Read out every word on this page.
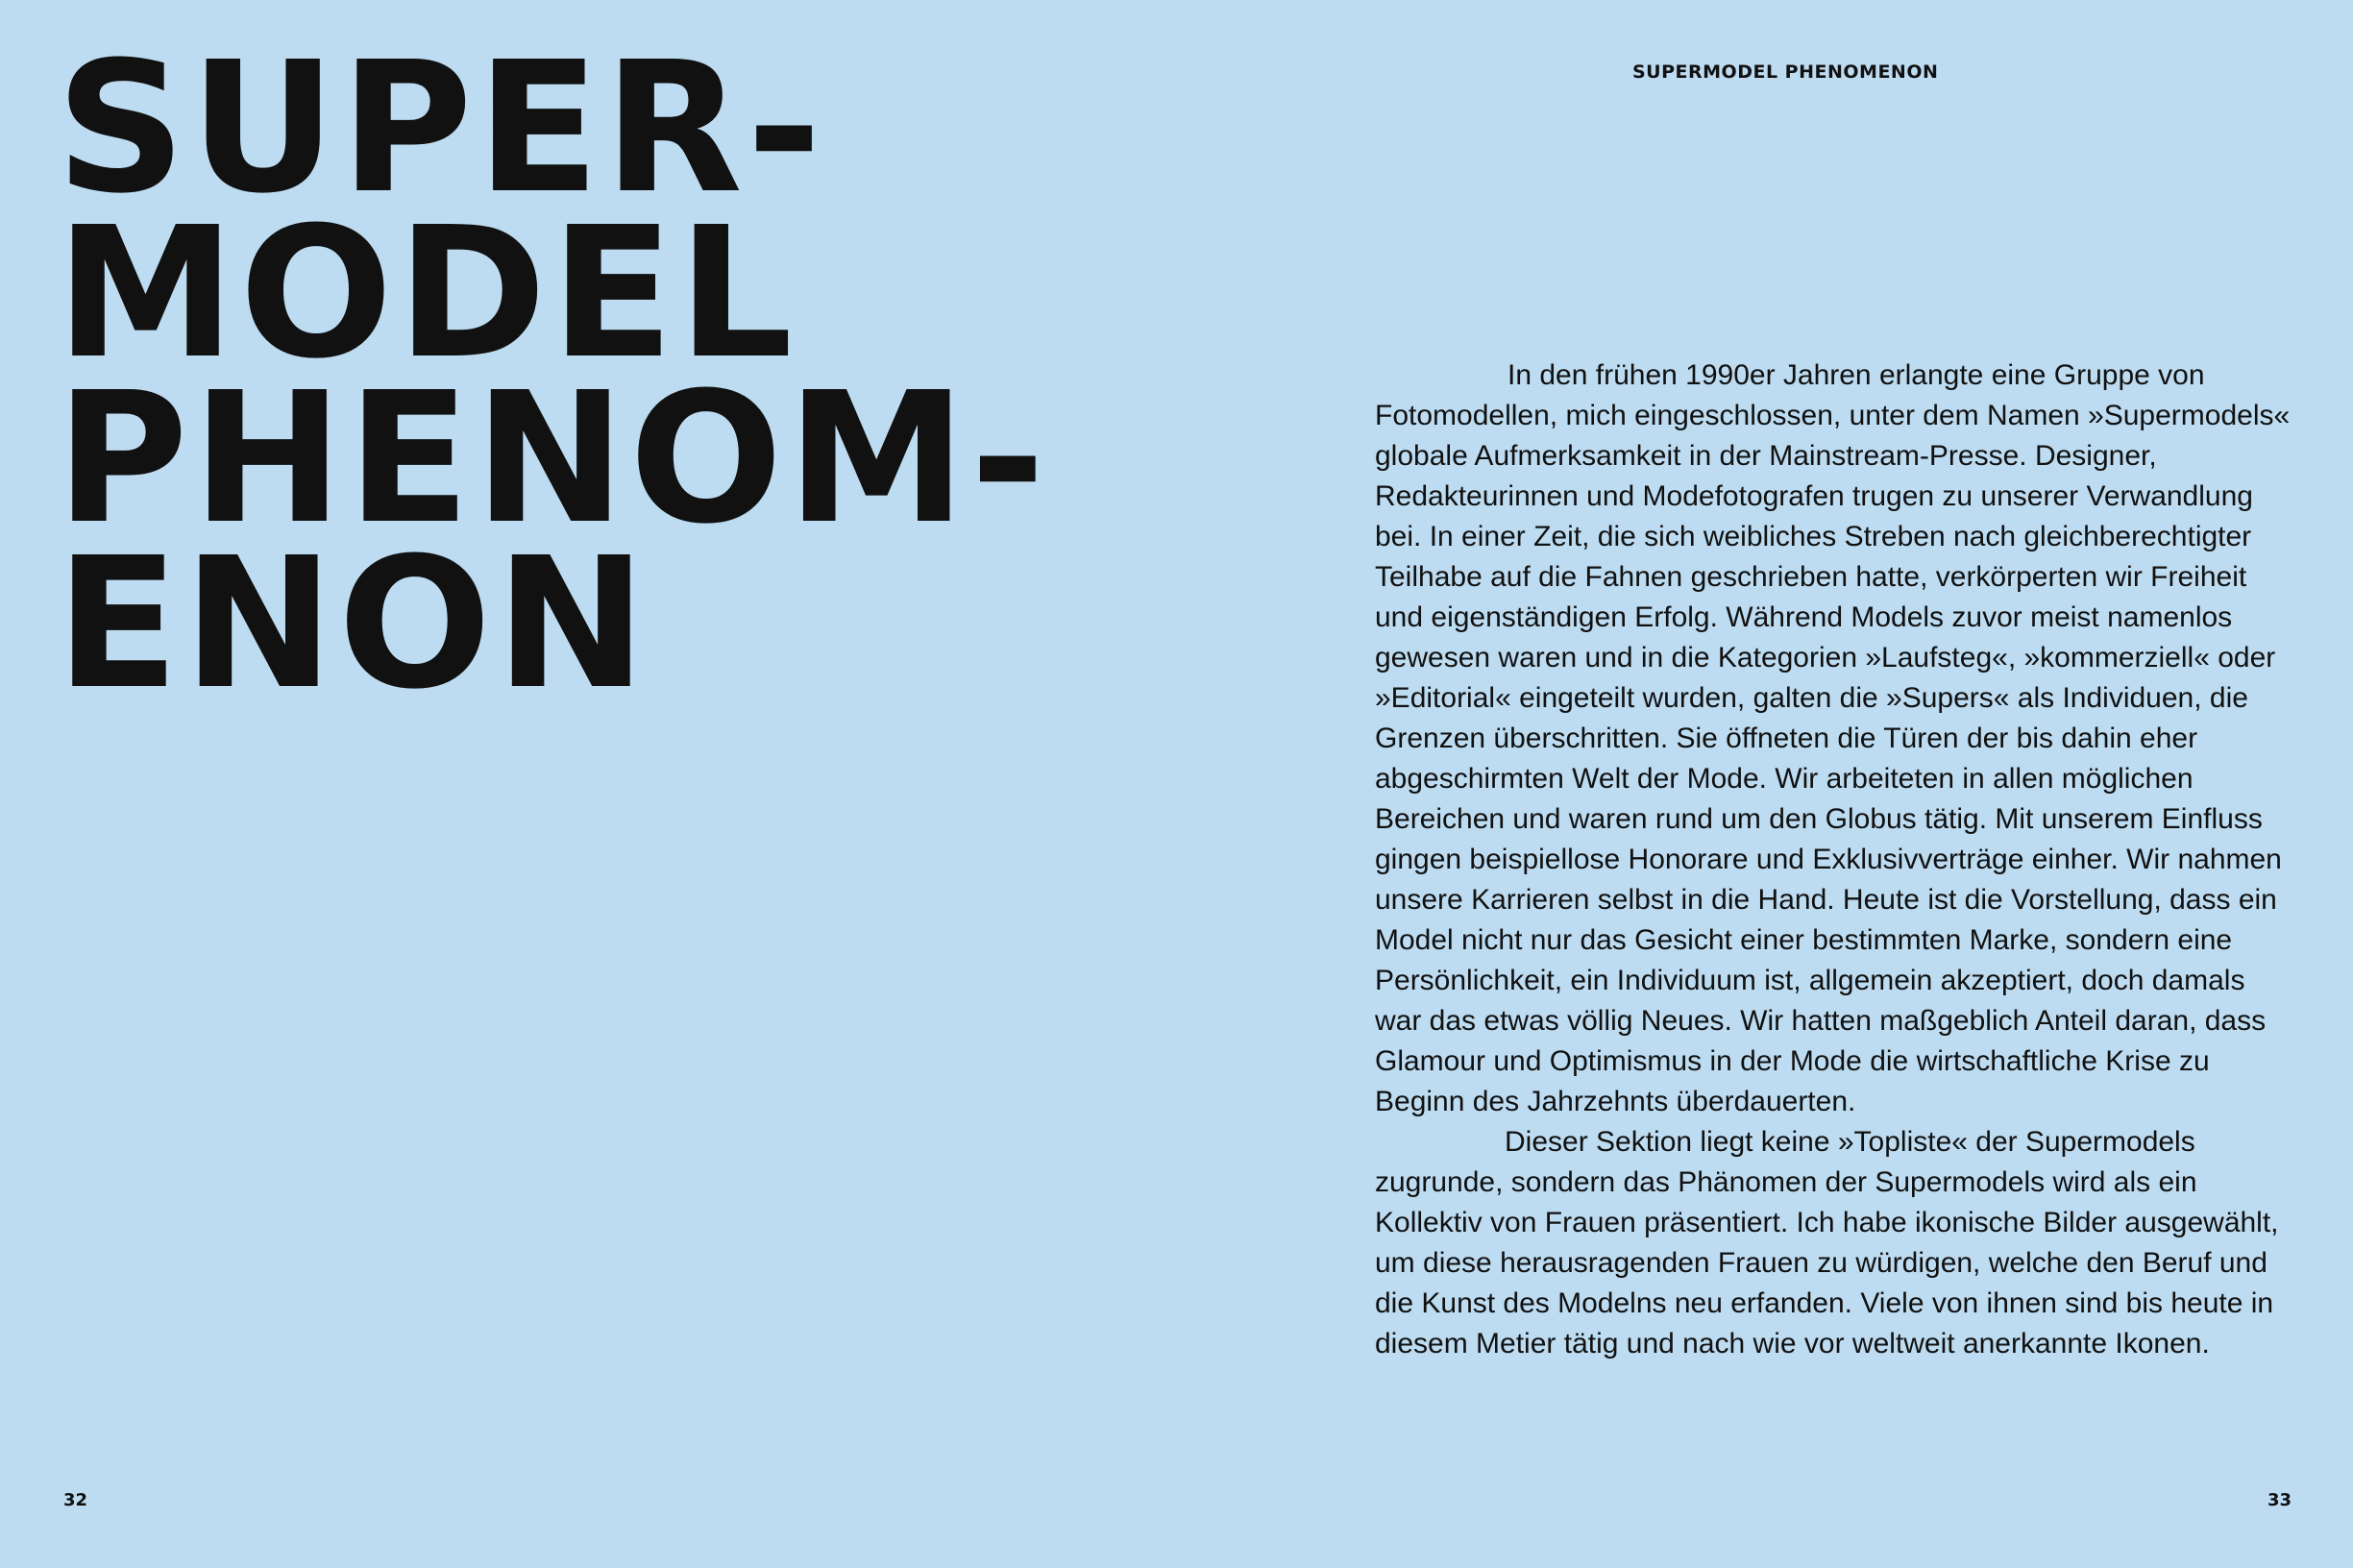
SUPER-
MODEL
PHENOM-
ENON
32
SUPERMODEL PHENOMENON

In den frühen 1990er Jahren erlangte eine Gruppe von Fotomodellen, mich eingeschlossen, unter dem Namen »Supermodels« globale Aufmerksamkeit in der Mainstream-Presse. Designer, Redakteurinnen und Modefotografen trugen zu unserer Verwandlung bei. In einer Zeit, die sich weibliches Streben nach gleichberechtigter Teilhabe auf die Fahnen geschrieben hatte, verkörperten wir Freiheit und eigenständigen Erfolg. Während Models zuvor meist namenlos gewesen waren und in die Kategorien »Laufsteg«, »kommerziell« oder »Editorial« eingeteilt wurden, galten die »Supers« als Individuen, die Grenzen überschritten. Sie öffneten die Türen der bis dahin eher abgeschirmten Welt der Mode. Wir arbeiteten in allen möglichen Bereichen und waren rund um den Globus tätig. Mit unserem Einfluss gingen beispiellose Honorare und Exklusivverträge einher. Wir nahmen unsere Karrieren selbst in die Hand. Heute ist die Vorstellung, dass ein Model nicht nur das Gesicht einer bestimmten Marke, sondern eine Persönlichkeit, ein Individuum ist, allgemein akzeptiert, doch damals war das etwas völlig Neues. Wir hatten maßgeblich Anteil daran, dass Glamour und Optimismus in der Mode die wirtschaftliche Krise zu Beginn des Jahrzehnts überdauerten.

Dieser Sektion liegt keine »Topliste« der Supermodels zugrunde, sondern das Phänomen der Supermodels wird als ein Kollektiv von Frauen präsentiert. Ich habe ikonische Bilder ausgewählt, um diese herausragenden Frauen zu würdigen, welche den Beruf und die Kunst des Modelns neu erfanden. Viele von ihnen sind bis heute in diesem Metier tätig und nach wie vor weltweit anerkannte Ikonen.

33
